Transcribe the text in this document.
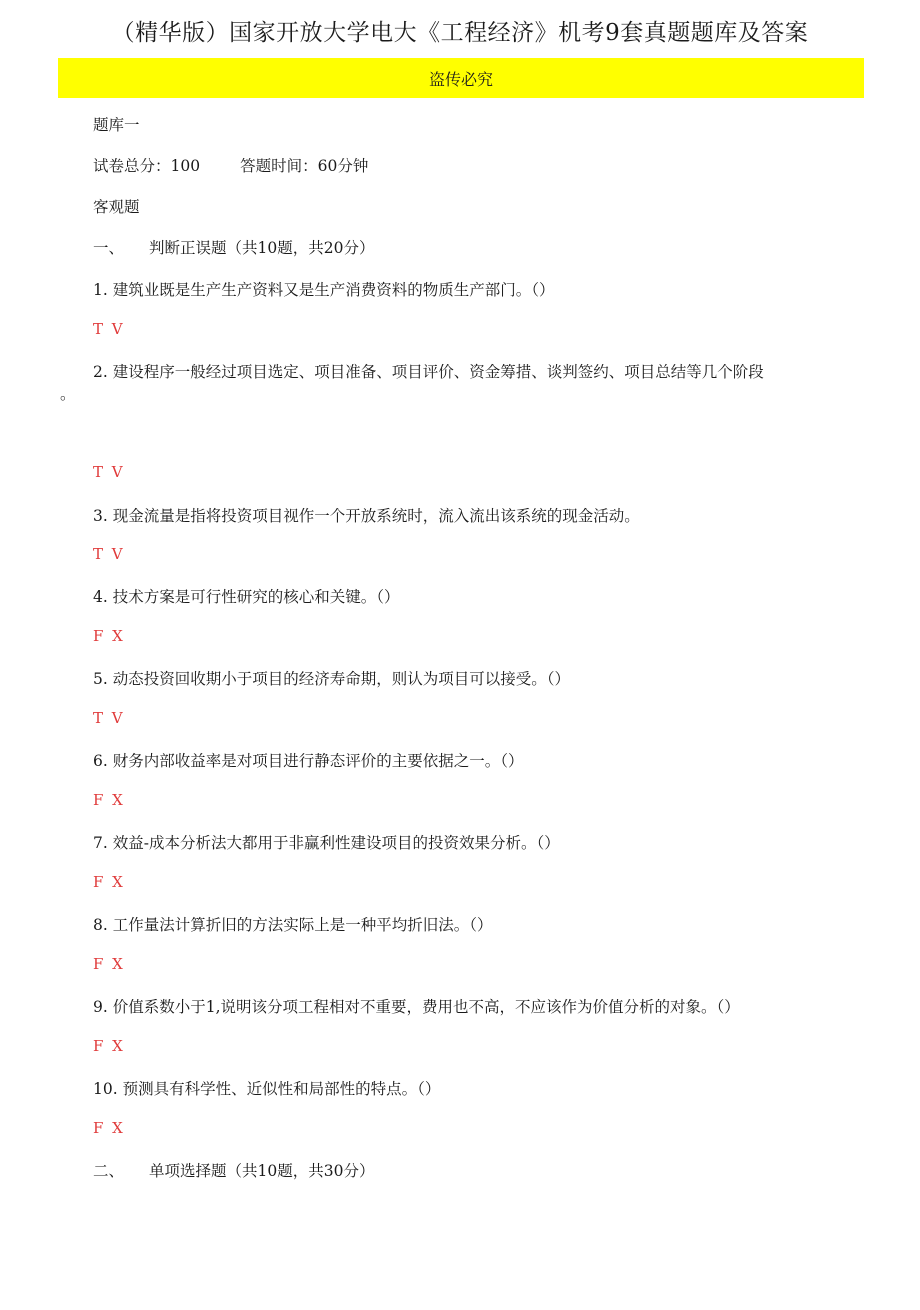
（精华版）国家开放大学电大《工程经济》机考9套真题题库及答案
盗传必究
题库一
试卷总分：100	答题时间：60分钟
客观题
一、 判断正误题（共10题，共20分）
1. 建筑业既是生产生产资料又是生产消费资料的物质生产部门。（）
T V
2. 建设程序一般经过项目选定、项目准备、项目评价、资金筹措、谈判签约、项目总结等几个阶段
。
T V
3. 现金流量是指将投资项目视作一个开放系统时，流入流出该系统的现金活动。
T V
4. 技术方案是可行性研究的核心和关键。（）
F X
5. 动态投资回收期小于项目的经济寿命期，则认为项目可以接受。（）
T V
6. 财务内部收益率是对项目进行静态评价的主要依据之一。（）
F X
7. 效益-成本分析法大都用于非赢利性建设项目的投资效果分析。（）
F X
8. 工作量法计算折旧的方法实际上是一种平均折旧法。（）
F X
9. 价值系数小于1,说明该分项工程相对不重要，费用也不高，不应该作为价值分析的对象。（）
F X
10. 预测具有科学性、近似性和局部性的特点。（）
F X
二、 单项选择题（共10题，共30分）
